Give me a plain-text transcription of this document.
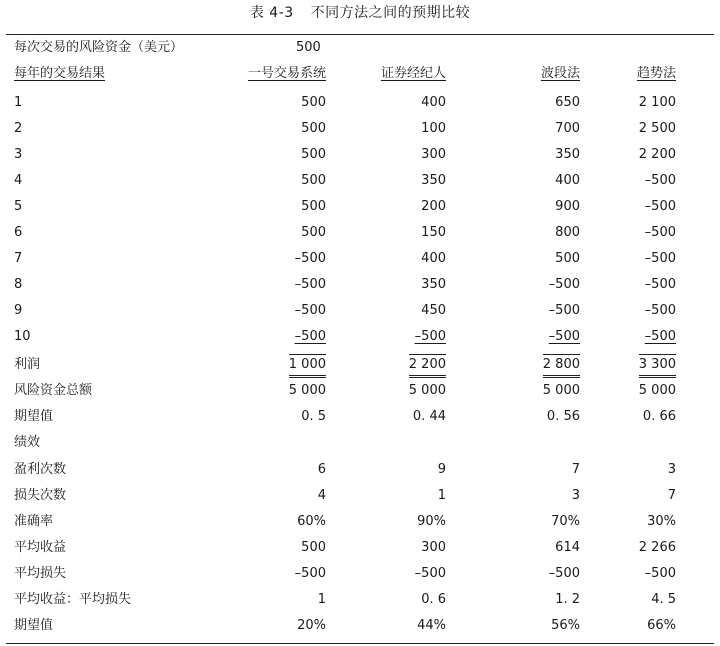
表 4-3 不同方法之间的预期比较
每次交易的风险资金（美元）	500
每年的交易结果	一号交易系统	证券经纪人	波段法	趋势法
1	500	400	650	2 100
2	500	100	700	2 500
3	500	300	350	2 200
4	500	350	400	–500
5	500	200	900	–500
6	500	150	800	–500
7	–500	400	500	–500
8	–500	350	–500	–500
9	–500	450	–500	–500
10	–500	–500	–500	–500
利润	1 000	2 200	2 800	3 300
风险资金总额	5 000	5 000	5 000	5 000
期望值	0. 5	0. 44	0. 56	0. 66
绩效
盈利次数	6	9	7	3
损失次数	4	1	3	7
准确率	60%	90%	70%	30%
平均收益	500	300	614	2 266
平均损失	–500	–500	–500	–500
平均收益：平均损失	1	0. 6	1. 2	4. 5
期望值	20%	44%	56%	66%
